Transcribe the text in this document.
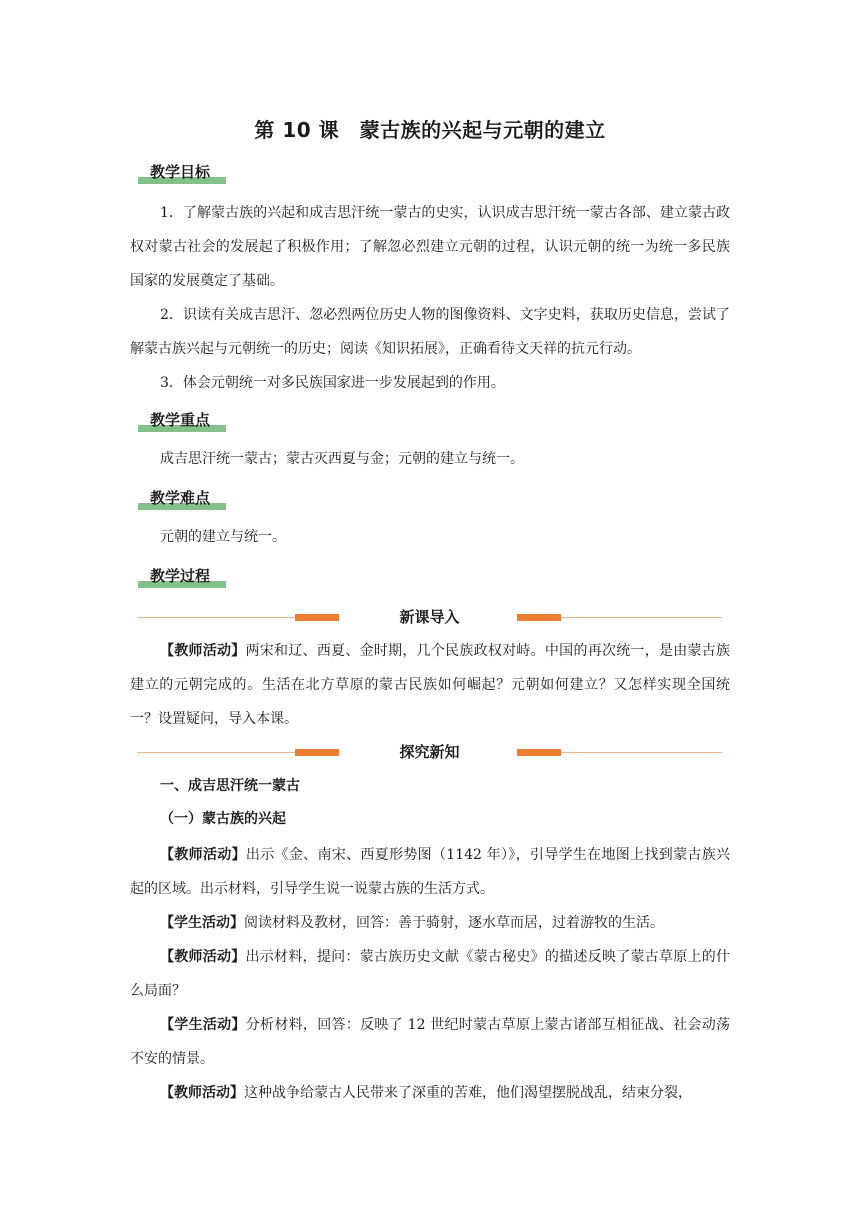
第 10 课　蒙古族的兴起与元朝的建立
教学目标
1．了解蒙古族的兴起和成吉思汗统一蒙古的史实，认识成吉思汗统一蒙古各部、建立蒙古政权对蒙古社会的发展起了积极作用；了解忽必烈建立元朝的过程，认识元朝的统一为统一多民族国家的发展奠定了基础。
2．识读有关成吉思汗、忽必烈两位历史人物的图像资料、文字史料，获取历史信息，尝试了解蒙古族兴起与元朝统一的历史；阅读《知识拓展》，正确看待文天祥的抗元行动。
3．体会元朝统一对多民族国家进一步发展起到的作用。
教学重点
成吉思汗统一蒙古；蒙古灭西夏与金；元朝的建立与统一。
教学难点
元朝的建立与统一。
教学过程
新课导入
【教师活动】两宋和辽、西夏、金时期，几个民族政权对峙。中国的再次统一，是由蒙古族建立的元朝完成的。生活在北方草原的蒙古民族如何崛起？元朝如何建立？又怎样实现全国统一？设置疑问，导入本课。
探究新知
一、成吉思汗统一蒙古
（一）蒙古族的兴起
【教师活动】出示《金、南宋、西夏形势图（1142 年）》，引导学生在地图上找到蒙古族兴起的区域。出示材料，引导学生说一说蒙古族的生活方式。
【学生活动】阅读材料及教材，回答：善于骑射，逐水草而居，过着游牧的生活。
【教师活动】出示材料，提问：蒙古族历史文献《蒙古秘史》的描述反映了蒙古草原上的什么局面？
【学生活动】分析材料，回答：反映了 12 世纪时蒙古草原上蒙古诸部互相征战、社会动荡不安的情景。
【教师活动】这种战争给蒙古人民带来了深重的苦难，他们渴望摆脱战乱，结束分裂，
